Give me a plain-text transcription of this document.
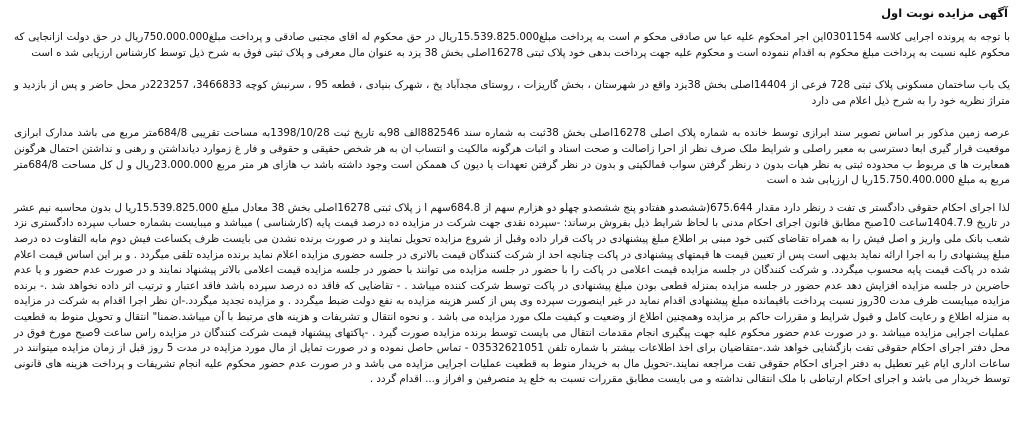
آگهی مزایده نوبت اول

با توجه به پرونده اجرایی کلاسه 0301154این اجر امحکوم علیه عبا س صادقی محکو م است به پرداخت مبلغ15.539.825.000ریال در حق محکوم له اقای مجتبی صادقی و پرداخت مبلغ750.000.000ریال در حق دولت ازانجایی که محکوم علیه نسبت به پرداخت مبلغ محکوم به اقدام ننموده است و محکوم علیه جهت پرداخت بدهی خود پلاک ثبتی 16278اصلی بخش 38 یزد به عنوان مال معرفی و پلاک ثبتی فوق به شرح ذیل توسط کارشناس ارزیابی شد ه است

یک باب ساختمان مسکونی پلاک ثبتی 728 فرعی از 14404اصلی بخش 38یزد واقع در شهرستان ، بخش گاریزات ، روستای مجدآباد یخ ، شهرک بنیادی ، قطعه 95 ، سرنبش کوچه 3466833، 223257در محل حاضر و پس از بازدید و متراژ نظریه خود را به شرح ذیل اعلام می دارد

عرصه زمین مذکور بر اساس تصویر سند ابرازی توسط خانده به شماره پلاک اصلی 16278اصلی بخش 38ثبت به شماره سند 882546الف 98به تاریخ ثبت 1398/10/28به مساحت تقریبی 684/8متر مربع می باشد مدارک ابرازی موقعیت قرار گیری ابعا دسترسی به معبر راصلی و شرایط ملک صرف نظر از احرا زاصالت و صحت اسناد و اثبات هرگونه مالکیت و انتساب ان به هر شخص حقیقی و حقوقی و فار غ زموارد دیانداشتن و رهنی و نداشتن احتمال هرگونن همعایرت ها ی مربوط ب محدوده ثبتی به نظر هیات بدون د رنظر گرفتن سواب قمالکیتی و بدون در نظر گرفتن تعهدات یا دیون ک هممکن است وجود داشته باشد ب هازای هر متر مربع 23.000.000ریال و ل کل مساحت 684/8متر مربع به مبلغ 15.750.400.000ریا ل ارزیابی شد ه است

لذا اجرای احکام حقوقی دادگستر ی تفت د رنظر دارد مقدار 675.644(ششصدو هفتادو پنج ششصدو چهلو دو هزارم سهم از 684.8سهم ا ز پلاک ثبتی 16278اصلی بخش 38 معادل مبلغ 15.539.825.000ریا ل بدون محاسبه نیم عشر در تاریخ 1404.7.9ساعت 10صبح مطابق قانون اجرای احکام مدنی با لحاظ شرایط ذیل بفروش برساند: -سپرده نقدی جهت شرکت در مزایده ده درصد قیمت پایه (کارشناسی ) میباشد و میبایست بشماره حساب سپرده دادگستری نزد شعب بانک ملی واریز و اصل فیش را به همراه تقاضای کتبی خود مبنی بر اطلاع مبلغ پیشنهادی در پاکت قرار داده وقبل از شروع مزایده تحویل نمایند و در صورت برنده نشدن می بایست ظرف یکساعت فیش دوم مابه التفاوت ده درصد مبلغ پیشنهادی را به اجرا ارائه نماید بدیهی است پس از تعیین قیمت ها قیمتهای پیشنهادی در پاکت چنانچه احد از شرکت کنندگان قیمت بالاتری در جلسه حضوری مزایده اعلام نماید برنده مزایده تلقی میگردد . و بر این اساس قیمت اعلام شده در پاکت قیمت پایه محسوب میگردد. و شرکت کنندگان در جلسه مزایده قیمت اعلامی در پاکت را با حضور در جلسه مزایده می توانند با حضور در جلسه مزایده قیمت اعلامی بالاتر پیشنهاد نمایند و در صورت عدم حضور و یا عدم حاضرین در جلسه مزایده افزایش دهد عدم حضور در جلسه مزایده بمنزله قطعی بودن مبلغ پیشنهادی در پاکت توسط شرکت کننده میباشد . - تقاضایی که فاقد ده درصد سپرده باشد فاقد اعتبار و ترتیب اثر داده نخواهد شد .- برنده مزایده میبایست ظرف مدت 30روز نسبت پرداخت باقیمانده مبلغ پیشنهادی اقدام نماید در غیر اینصورت سپرده وی پس از کسر هزینه مزایده به نفع دولت ضبط میگردد . و مزایده تجدید میگردد.-ان نظر اجرا اقدام به شرکت در مزایده به منزله اطلاع و رعایت کامل و قبول شرایط و مقررات حاکم بر مزایده وهمچنین اطلاع از وضعیت و کیفیت ملک مورد مزایده می باشد . و نحوه انتقال و تشریفات و هزینه های مرتبط با آن میباشد.ضمنا" انتقال و تحویل منوط به قطعیت عملیات اجرایی مزایده میباشد .و در صورت عدم حضور محکوم علیه جهت پیگیری انجام مقدمات انتقال می بایست توسط برنده مزایده صورت گیرد . -پاکتهای پیشنهاد قیمت شرکت کنندگان در مزایده راس ساعت 9صبح مورخ فوق در محل دفتر اجرای احکام حقوقی تفت بازگشایی خواهد شد.-متقاضیان برای اخذ اطلاعات بیشتر با شماره تلفن 03532621051 - تماس حاصل نموده و در صورت تمایل از مال مورد مزایده در مدت 5 روز قبل از زمان مزایده میتوانند در ساعات اداری ایام غیر تعطیل به دفتر اجرای احکام حقوقی تفت مراجعه نمایند.-تحویل مال به خریدار منوط به قطعیت عملیات اجرایی مزایده می باشد و در صورت عدم حضور محکوم علیه انجام تشریفات و پرداخت هزینه های قانونی توسط خریدار می باشد و اجرای احکام ارتباطی با ملک انتقالی نداشته و می بایست مطابق مقررات نسبت به خلع ید متصرفین و افراز و... اقدام گردد .
